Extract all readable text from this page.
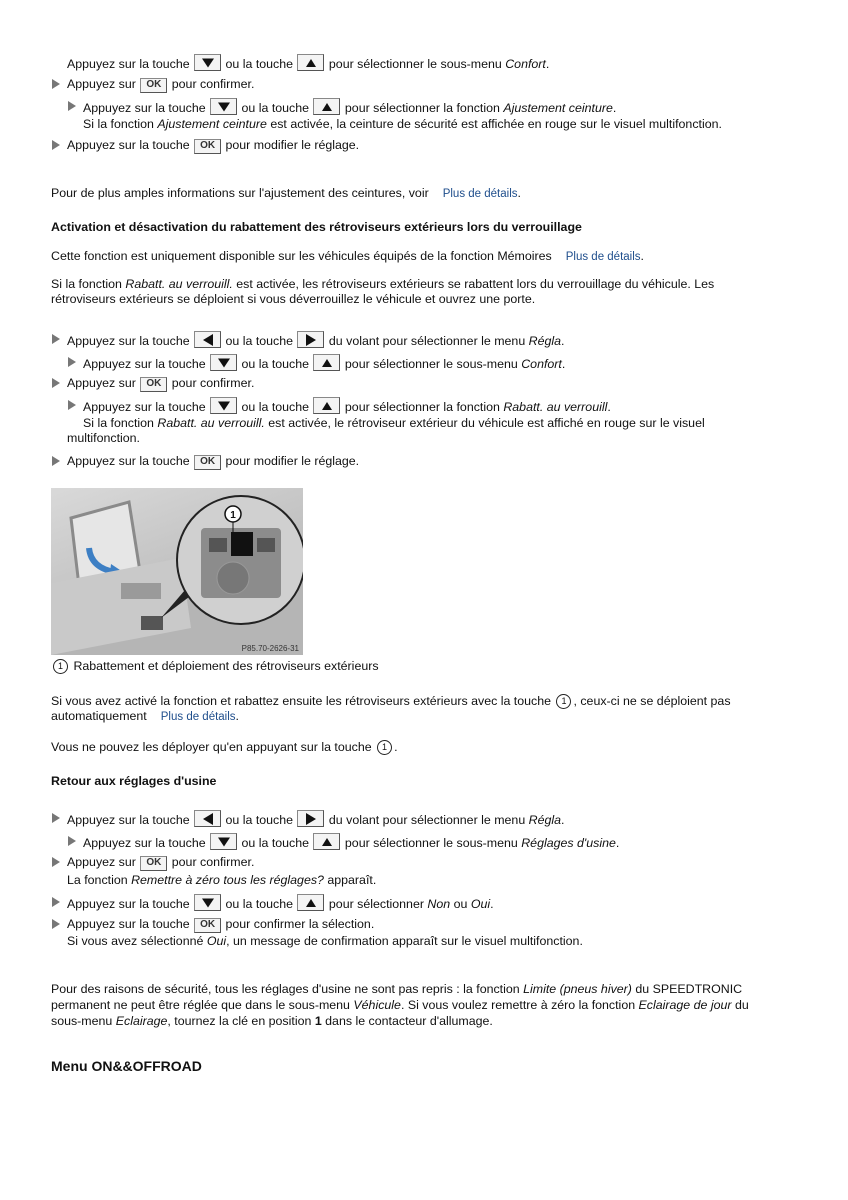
Appuyez sur la touche
ou la touche
pour sélectionner le sous-menu Confort.
Appuyez sur OK pour confirmer.
Appuyez sur la touche
ou la touche
pour sélectionner la fonction Ajustement ceinture.
Si la fonction Ajustement ceinture est activée, la ceinture de sécurité est affichée en rouge sur le visuel multifonction.
Appuyez sur la touche OK pour modifier le réglage.
Pour de plus amples informations sur l'ajustement des ceintures, voir Plus de détails.
Activation et désactivation du rabattement des rétroviseurs extérieurs lors du verrouillage
Cette fonction est uniquement disponible sur les véhicules équipés de la fonction Mémoires Plus de détails.
Si la fonction Rabatt. au verrouill. est activée, les rétroviseurs extérieurs se rabattent lors du verrouillage du véhicule. Les
rétroviseurs extérieurs se déploient si vous déverrouillez le véhicule et ouvrez une porte.
Appuyez sur la touche
ou la touche
du volant pour sélectionner le menu Régla.
Appuyez sur la touche
ou la touche
pour sélectionner le sous-menu Confort.
Appuyez sur OK pour confirmer.
Appuyez sur la touche
ou la touche
pour sélectionner la fonction Rabatt. au verrouill.
Si la fonction Rabatt. au verrouill. est activée, le rétroviseur extérieur du véhicule est affiché en rouge sur le visuel
multifonction.
Appuyez sur la touche OK pour modifier le réglage.
1
P85.70-2626-31
1 Rabattement et déploiement des rétroviseurs extérieurs
Si vous avez activé la fonction et rabattez ensuite les rétroviseurs extérieurs avec la touche 1 , ceux-ci ne se déploient pas
automatiquement Plus de détails.
Vous ne pouvez les déployer qu'en appuyant sur la touche 1 .
Retour aux réglages d'usine
Appuyez sur la touche
ou la touche
du volant pour sélectionner le menu Régla.
Appuyez sur la touche
ou la touche
pour sélectionner le sous-menu Réglages d'usine.
Appuyez sur OK pour confirmer.
La fonction Remettre à zéro tous les réglages? apparaît.
Appuyez sur la touche
ou la touche
pour sélectionner Non ou Oui.
Appuyez sur la touche OK pour confirmer la sélection.
Si vous avez sélectionné Oui, un message de confirmation apparaît sur le visuel multifonction.
Pour des raisons de sécurité, tous les réglages d'usine ne sont pas repris : la fonction Limite (pneus hiver) du SPEEDTRONIC
permanent ne peut être réglée que dans le sous-menu Véhicule. Si vous voulez remettre à zéro la fonction Eclairage de jour du
sous-menu Eclairage, tournez la clé en position 1 dans le contacteur d'allumage.
Menu ON&&OFFROAD
